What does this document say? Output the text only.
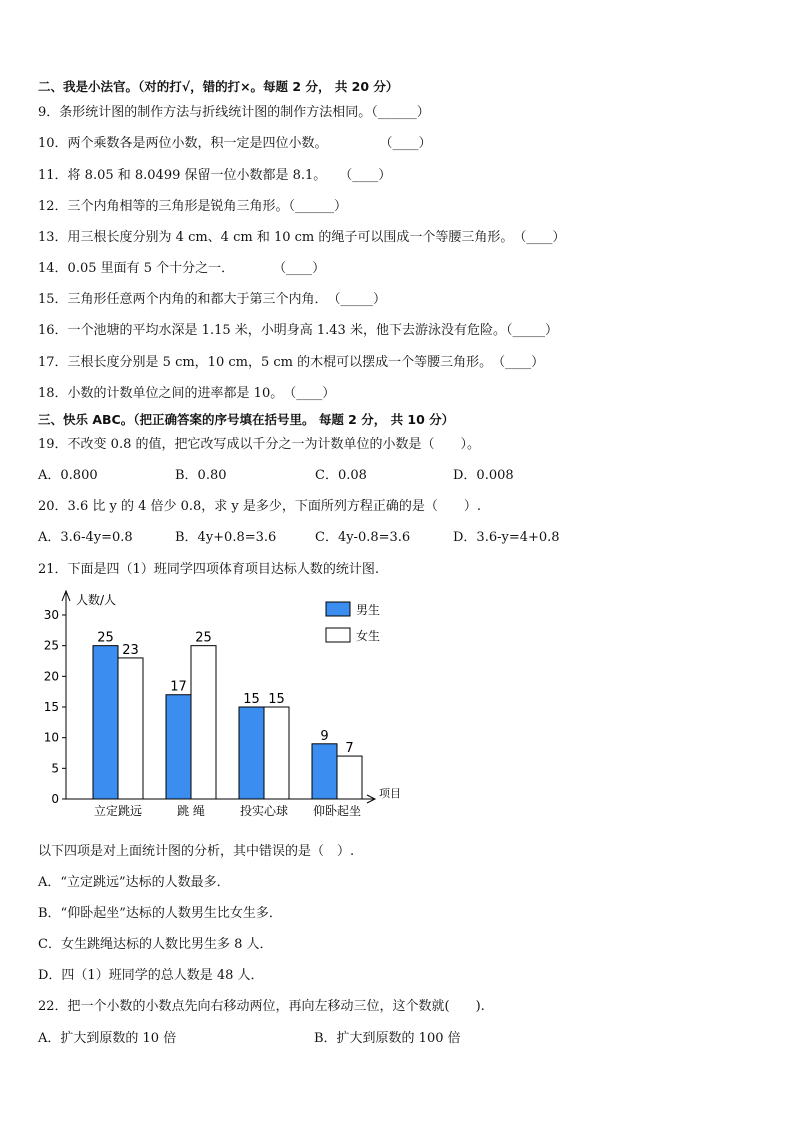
二、我是小法官。（对的打√，错的打×。每题 2 分， 共 20 分）
9．条形统计图的制作方法与折线统计图的制作方法相同。（______）
10．两个乘数各是两位小数，积一定是四位小数。　　　　　（____）
11．将 8.05 和 8.0499 保留一位小数都是 8.1。　　（____）
12．三个内角相等的三角形是锐角三角形。（______）
13．用三根长度分别为 4 cm、4 cm 和 10 cm 的绳子可以围成一个等腰三角形。　（____）
14．0.05 里面有 5 个十分之一．　　　　（____）
15．三角形任意两个内角的和都大于第三个内角．　（_____）
16．一个池塘的平均水深是 1.15 米，小明身高 1.43 米，他下去游泳没有危险。（_____）
17．三根长度分别是 5 cm，10 cm，5 cm 的木棍可以摆成一个等腰三角形。　（____）
18．小数的计数单位之间的进率都是 10。　（____）
三、快乐 ABC。（把正确答案的序号填在括号里。 每题 2 分， 共 10 分）
19．不改变 0.8 的值，把它改写成以千分之一为计数单位的小数是（　　）。
A．0.800	B．0.80	C．0.08	D．0.008
20．3.6 比 y 的 4 倍少 0.8，求 y 是多少，下面所列方程正确的是（　　）.
A．3.6-4y=0.8	B．4y+0.8=3.6	C．4y-0.8=3.6	D．3.6-y=4+0.8
21．下面是四（1）班同学四项体育项目达标人数的统计图.
0
5
10
15
20
25
30
人数/人
项目
25
23
立定跳远
17
25
跳 绳
15 15
投实心球
9
7
仰卧起坐
男生
女生
以下四项是对上面统计图的分析，其中错误的是（　）.
A．“立定跳远”达标的人数最多．
B．“仰卧起坐”达标的人数男生比女生多．
C．女生跳绳达标的人数比男生多 8 人．
D．四（1）班同学的总人数是 48 人．
22．把一个小数的小数点先向右移动两位，再向左移动三位，这个数就(　　).
A．扩大到原数的 10 倍	B．扩大到原数的 100 倍
